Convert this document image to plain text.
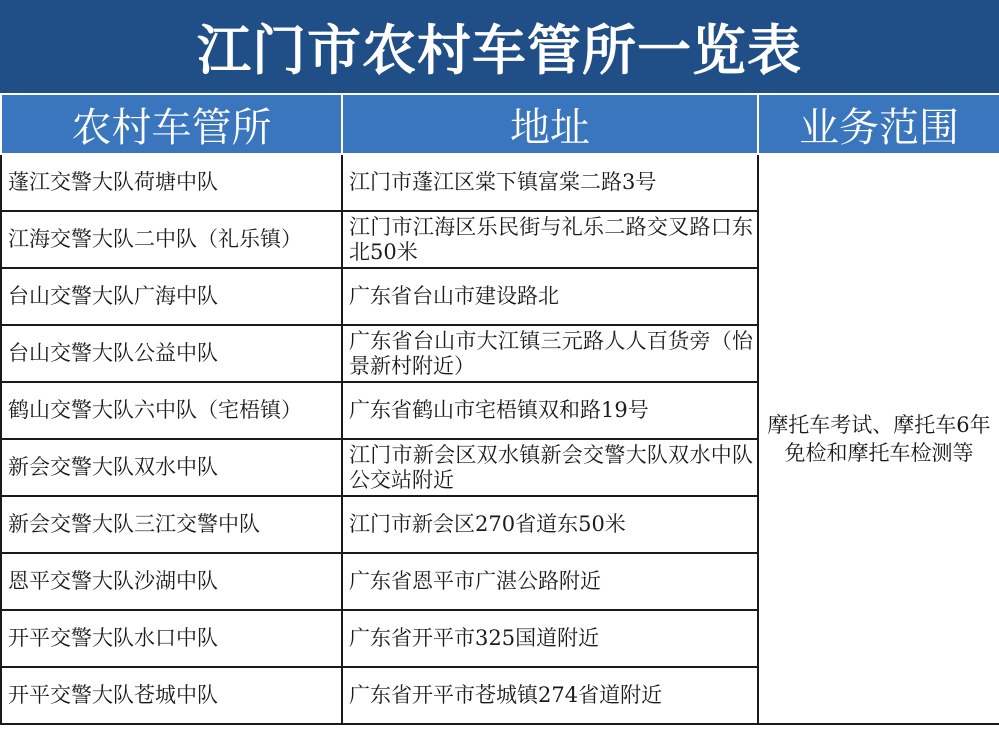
江门市农村车管所一览表
农村车管所	地址	业务范围
蓬江交警大队荷塘中队	江门市蓬江区棠下镇富棠二路3号	摩托车考试、摩托车6年免检和摩托车检测等
江海交警大队二中队（礼乐镇）	江门市江海区乐民街与礼乐二路交叉路口东北50米	
台山交警大队广海中队	广东省台山市建设路北	
台山交警大队公益中队	广东省台山市大江镇三元路人人百货旁（怡景新村附近）	
鹤山交警大队六中队（宅梧镇）	广东省鹤山市宅梧镇双和路19号	
新会交警大队双水中队	江门市新会区双水镇新会交警大队双水中队公交站附近	
新会交警大队三江交警中队	江门市新会区270省道东50米	
恩平交警大队沙湖中队	广东省恩平市广湛公路附近	
开平交警大队水口中队	广东省开平市325国道附近	
开平交警大队苍城中队	广东省开平市苍城镇274省道附近	
